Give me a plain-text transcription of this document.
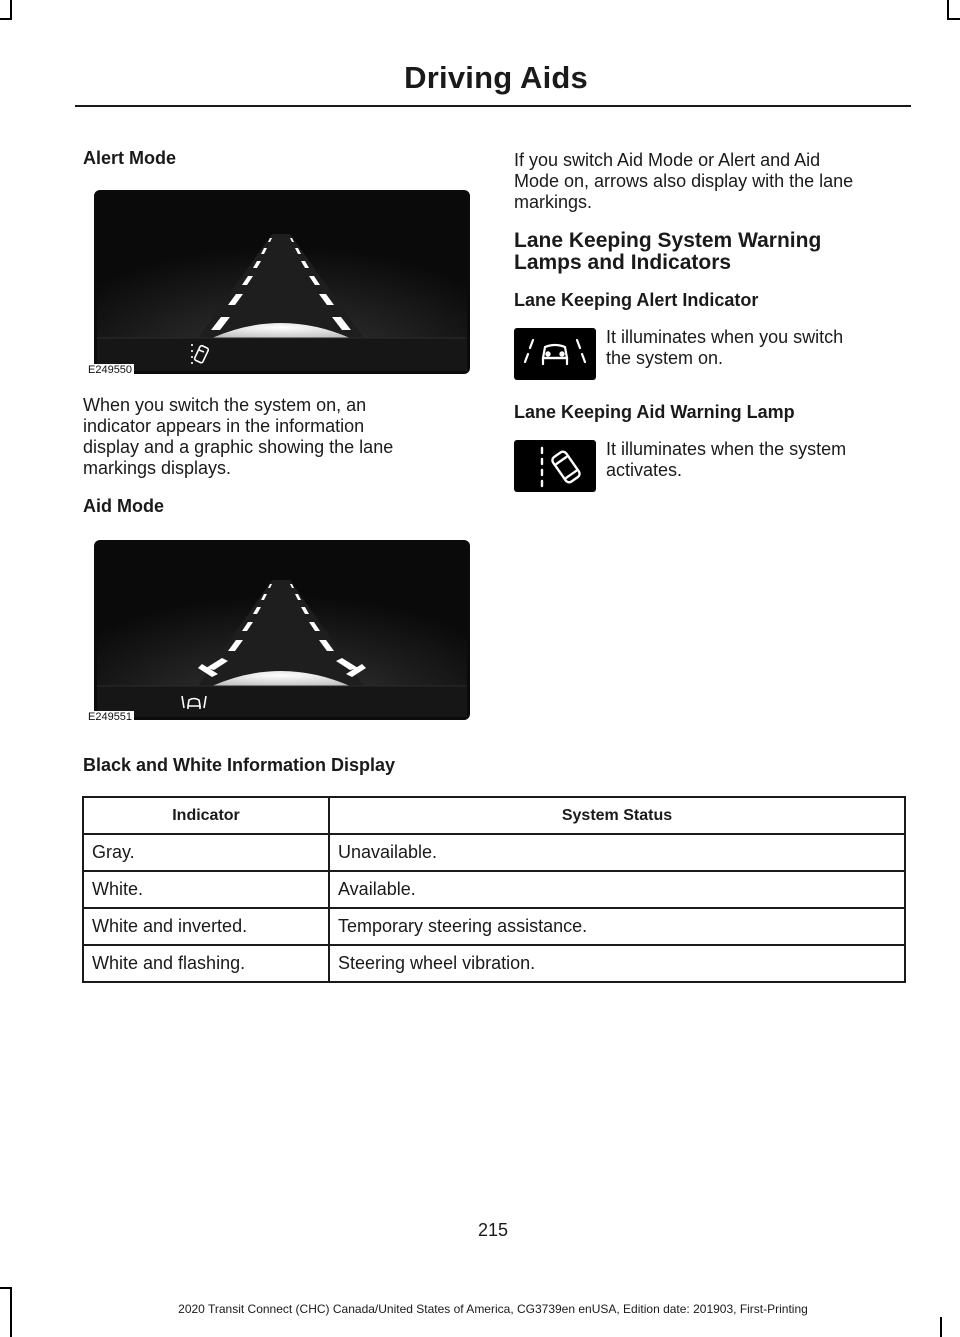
Driving Aids
Alert Mode
E249550
When you switch the system on, an
indicator appears in the information
display and a graphic showing the lane
markings displays.
Aid Mode
E249551
If you switch Aid Mode or Alert and Aid
Mode on, arrows also display with the lane
markings.
Lane Keeping System Warning
Lamps and Indicators
Lane Keeping Alert Indicator
It illuminates when you switch
the system on.
Lane Keeping Aid Warning Lamp
It illuminates when the system
activates.
Black and White Information Display
Indicator	System Status
Gray.	Unavailable.
White.	Available.
White and inverted.	Temporary steering assistance.
White and flashing.	Steering wheel vibration.
215
2020 Transit Connect (CHC) Canada/United States of America, CG3739en enUSA, Edition date: 201903, First-Printing
